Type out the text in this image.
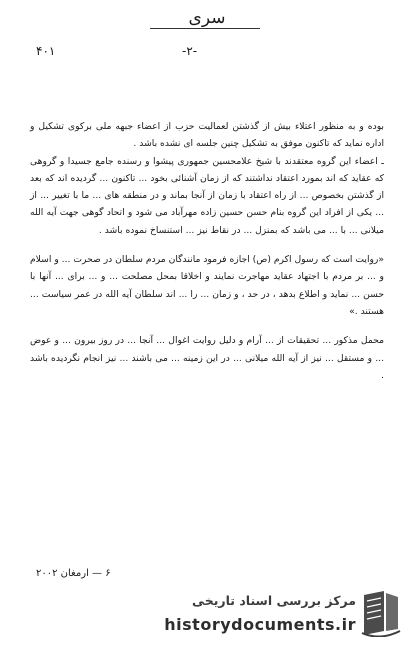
سری
۴۰۱	-۲-

بوده و به منظور اعتلاء بیش از گذشتن لعمالیت حزب از اعضاء جبهه ملی برکوی تشکیل و اداره نماید که تاکنون موفق به تشکیل چنین جلسه ای نشده باشد .

ـ اعضاء این گروه معتقدند با شیخ علامحسین جمهوری پیشوا و رسنده جامع جسیدا و گروهی که عقاید که اند بمورد اعتقاد نداشتند که از زمان آشنائی بخود ... تاکنون ... گردیده اند که بعد از گذشتن بخصوص ... از راه اعتقاد با زمان از آنجا بماند و در منطقه های ... ما با تغییر ... از ... یکی از افراد این گروه بنام حسن حسین زاده مهرآباد می شود و اتحاد گوهی جهت آیه الله میلانی ... با ... می باشد که بمنزل ... در نقاط نیز ... استنساخ نموده باشد .

«روایت است که رسول اکرم (ص) اجازه فرمود مانندگان مردم سلطان در صحرت ... و اسلام و ... بر مردم با اجتهاد عقاید مهاجرت نمایند و اخلاقا بمحل مصلحت ... و ... برای ... آنها با حسن ... نماید و اطلاع بدهد ، در حد ، و زمان ... را ... اند سلطان آیه الله در عمر سیاست ... هستند .»

محمل مذکور ... تحقیقات از ... آرام و دلیل روایت اغوال ... آنجا ... در روز بیرون ... و عوض ... و مستقل ... نیز از آیه الله میلانی ... در این زمینه ... می باشند ... نیز انجام نگردیده باشد .

۶ — ارمغان ۲۰۰۲
مرکز بررسی اسناد تاریخی
historydocuments.ir
